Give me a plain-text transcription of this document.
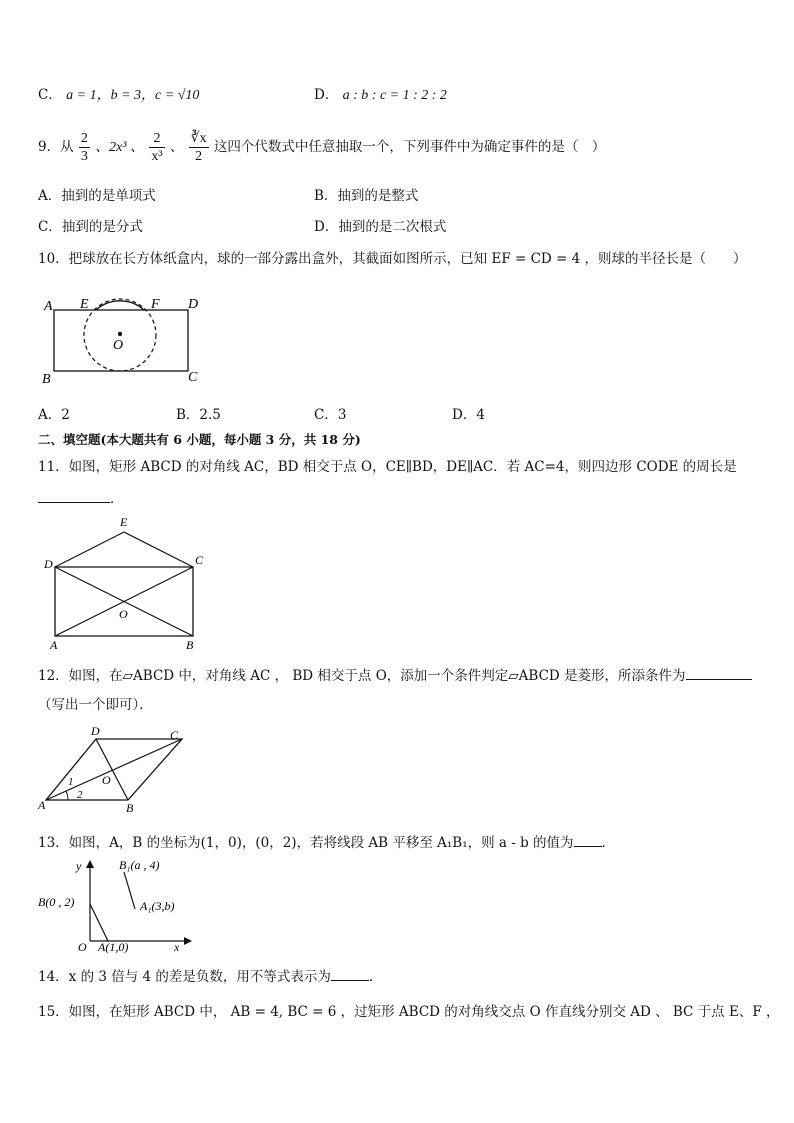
C． a = 1，b = 3，c = √10	D． a : b : c = 1 : 2 : 2
9．从 $\frac{2}{3}$ 、2x³ 、 $\frac{2}{\text{x³}}$ 、 $\frac{∛x}{2}$ 这四个代数式中任意抽取一个，下列事件中为确定事件的是（　）
A．抽到的是单项式	B．抽到的是整式
C．抽到的是分式	D．抽到的是二次根式
10．把球放在长方体纸盒内，球的一部分露出盒外，其截面如图所示，已知 EF = CD = 4 ，则球的半径长是（　　）
A E	F D
O
B	C
A．2	B．2.5	C．3	D．4
二、填空题(本大题共有 6 小题，每小题 3 分，共 18 分)
11．如图，矩形 ABCD 的对角线 AC，BD 相交于点 O，CE∥BD，DE∥AC．若 AC=4，则四边形 CODE 的周长是
．
E
D	C
O
A	B
12．如图，在▱ABCD 中，对角线 AC ， BD 相交于点 O，添加一个条件判定▱ABCD 是菱形，所添条件为
（写出一个即可）．
D	C
O
A	B
1
2
13．如图，A，B 的坐标为(1，0)，(0，2)，若将线段 AB 平移至 A₁B₁，则 a - b 的值为 ．
y
x
O
B(0 , 2)
A(1,0)
B₁(a , 4)
A₁(3,b)
14．x 的 3 倍与 4 的差是负数，用不等式表示为	．
15．如图，在矩形 ABCD 中， AB = 4, BC = 6 ，过矩形 ABCD 的对角线交点 O 作直线分别交 AD 、 BC 于点 E、F ，
